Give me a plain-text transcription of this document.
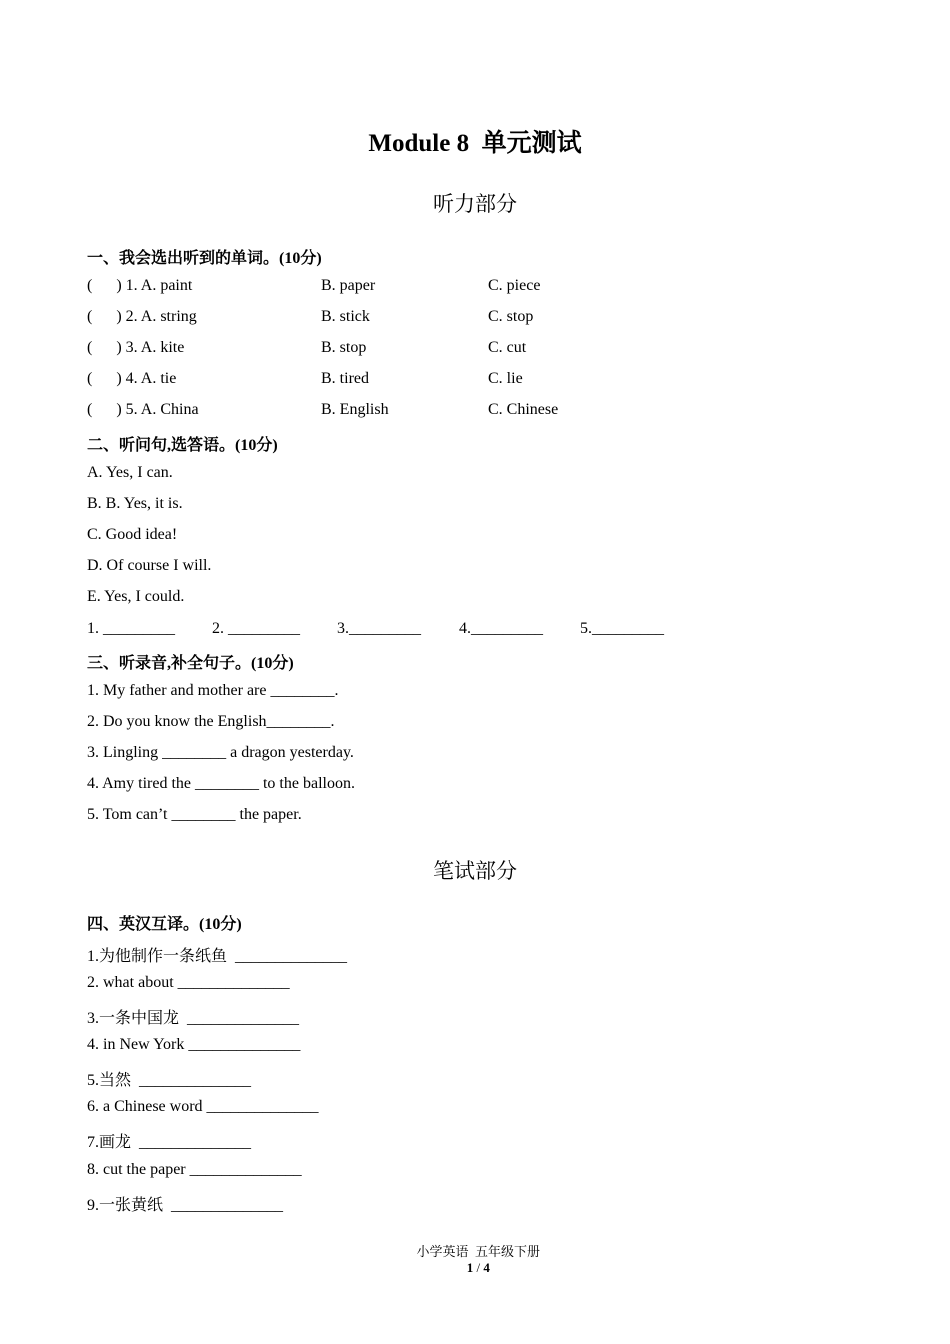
Module 8  单元测试
听力部分
一、我会选出听到的单词。(10分)
(      ) 1. A. paint	B. paper	C. piece
(      ) 2. A. string	B. stick	C. stop
(      ) 3. A. kite	B. stop	C. cut
(      ) 4. A. tie	B. tired	C. lie
(      ) 5. A. China	B. English	C. Chinese
二、听问句,选答语。(10分)
A. Yes, I can.
B. B. Yes, it is.
C. Good idea!
D. Of course I will.
E. Yes, I could.
1. _________ 2. _________ 3._________ 4._________ 5._________
三、听录音,补全句子。(10分)
1. My father and mother are ________.
2. Do you know the English________.
3. Lingling ________ a dragon yesterday.
4. Amy tired the ________ to the balloon.
5. Tom can’t ________ the paper.
笔试部分
四、英汉互译。(10分)
1.为他制作一条纸鱼  ______________
2. what about ______________
3.一条中国龙  ______________
4. in New York ______________
5.当然  ______________
6. a Chinese word ______________
7.画龙  ______________
8. cut the paper ______________
9.一张黄纸  ______________

小学英语  五年级下册
1 / 4
